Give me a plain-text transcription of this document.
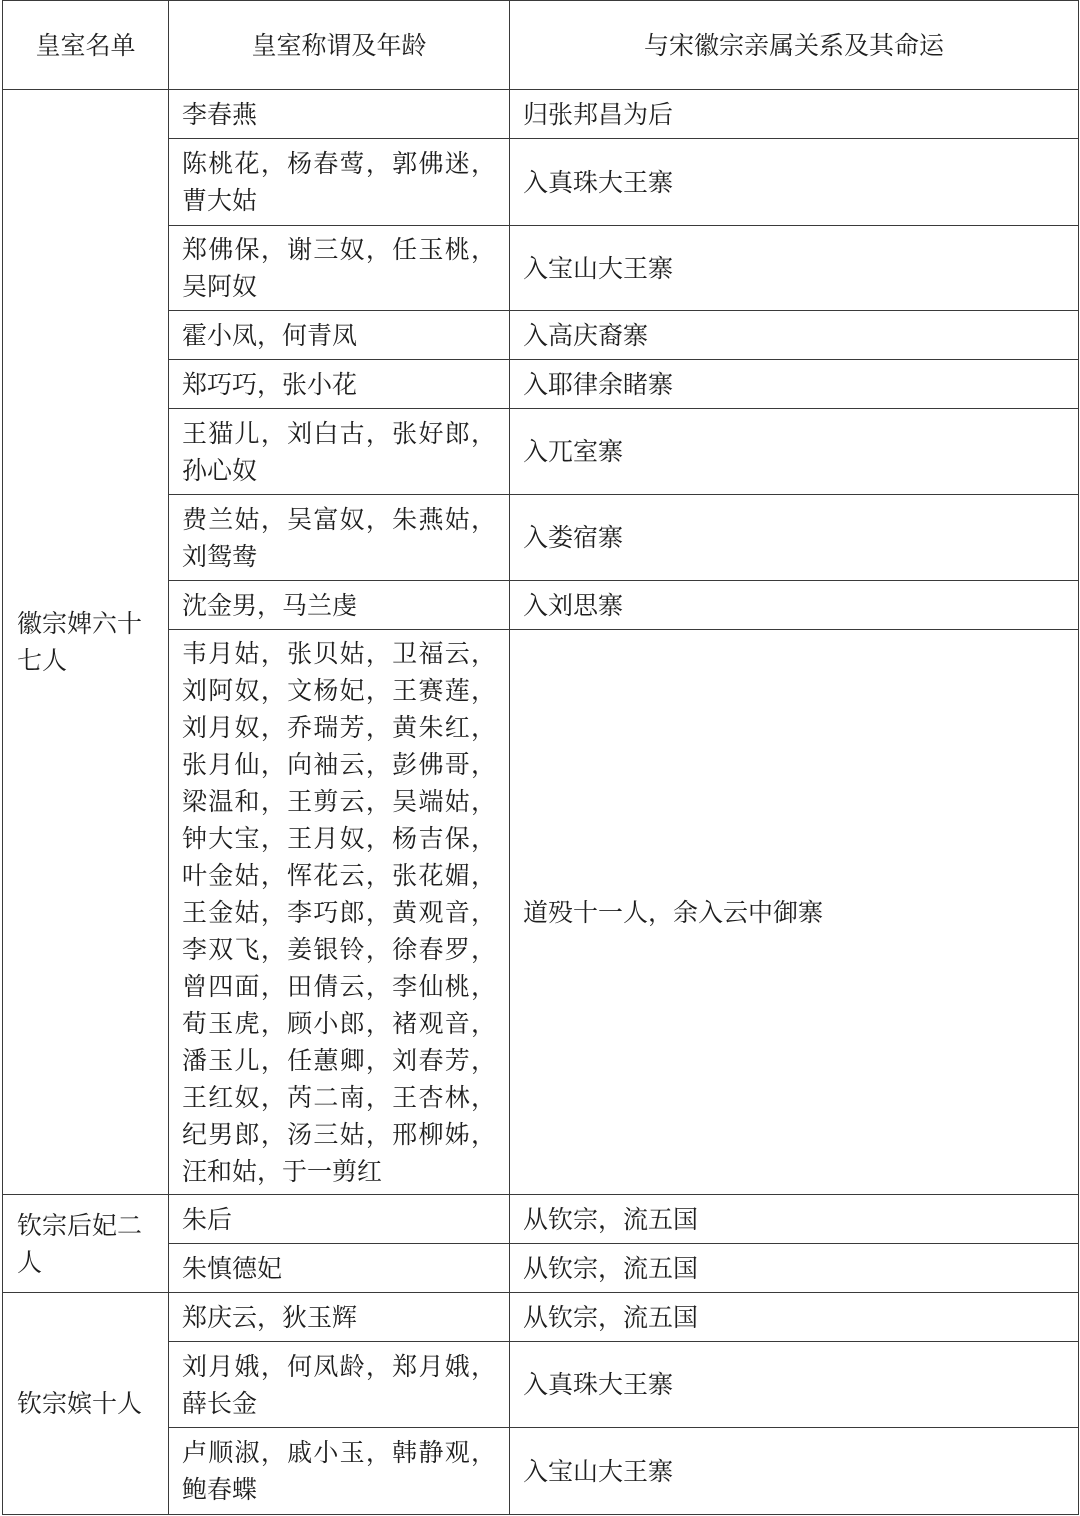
皇室名单	皇室称谓及年龄	与宋徽宗亲属关系及其命运
徽宗婢六十七人	李春燕	归张邦昌为后
	陈桃花，杨春莺，郭佛迷，曹大姑	入真珠大王寨
	郑佛保，谢三奴，任玉桃，吴阿奴	入宝山大王寨
	霍小凤，何青凤	入高庆裔寨
	郑巧巧，张小花	入耶律余睹寨
	王猫儿，刘白古，张好郎，孙心奴	入兀室寨
	费兰姑，吴富奴，朱燕姑，刘鸳鸯	入娄宿寨
	沈金男，马兰虔	入刘思寨
	韦月姑，张贝姑，卫福云，刘阿奴，文杨妃，王赛莲，刘月奴，乔瑞芳，黄朱红，张月仙，向袖云，彭佛哥，梁温和，王剪云，吴端姑，钟大宝，王月奴，杨吉保，叶金姑，恽花云，张花媚，王金姑，李巧郎，黄观音，李双飞，姜银铃，徐春罗，曾四面，田倩云，李仙桃，荀玉虎，顾小郎，褚观音，潘玉儿，任蕙卿，刘春芳，王红奴，芮二南，王杏林，纪男郎，汤三姑，邢柳姊，汪和姑，于一剪红	道殁十一人，余入云中御寨
钦宗后妃二人	朱后	从钦宗，流五国
	朱慎德妃	从钦宗，流五国
钦宗嫔十人	郑庆云，狄玉辉	从钦宗，流五国
	刘月娥，何凤龄，郑月娥，薛长金	入真珠大王寨
	卢顺淑，戚小玉，韩静观，鲍春蝶	入宝山大王寨
